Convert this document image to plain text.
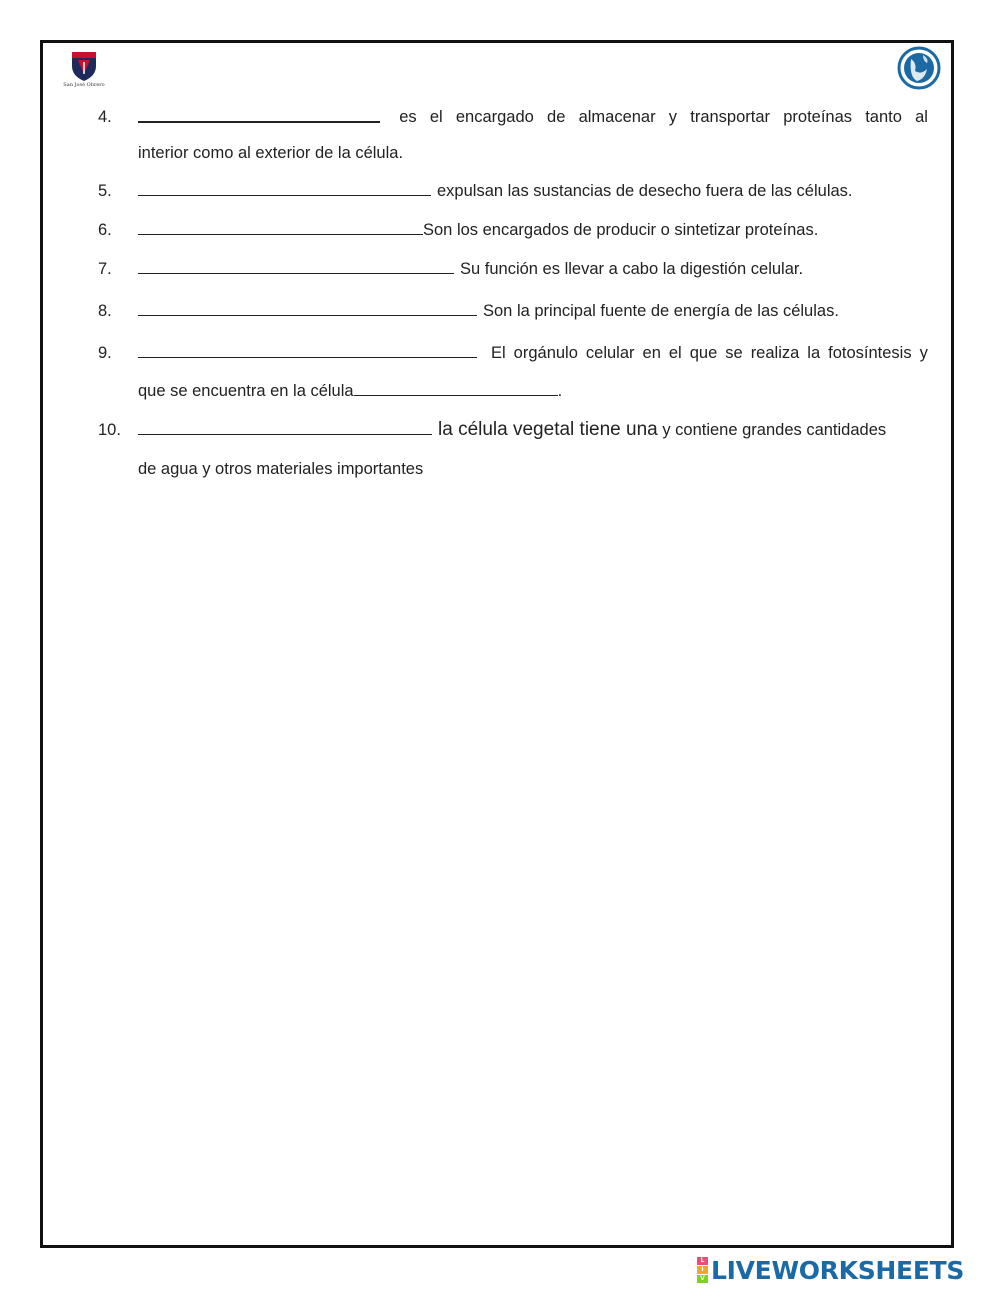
San José Obrero
4.	es el encargado de almacenar y transportar proteínas tanto al
interior como al exterior de la célula.
5.	expulsan las sustancias de desecho fuera de las células.
6.	Son los encargados de producir o sintetizar proteínas.
7.	Su función es llevar a cabo la digestión celular.
8.	Son la principal fuente de energía de las células.
9.	El orgánulo celular en el que se realiza la fotosíntesis y
que se encuentra en la célula	.
10.	la célula vegetal tiene una y contiene grandes cantidades
de agua y otros materiales importantes
L
I
V LIVEWORKSHEETS
